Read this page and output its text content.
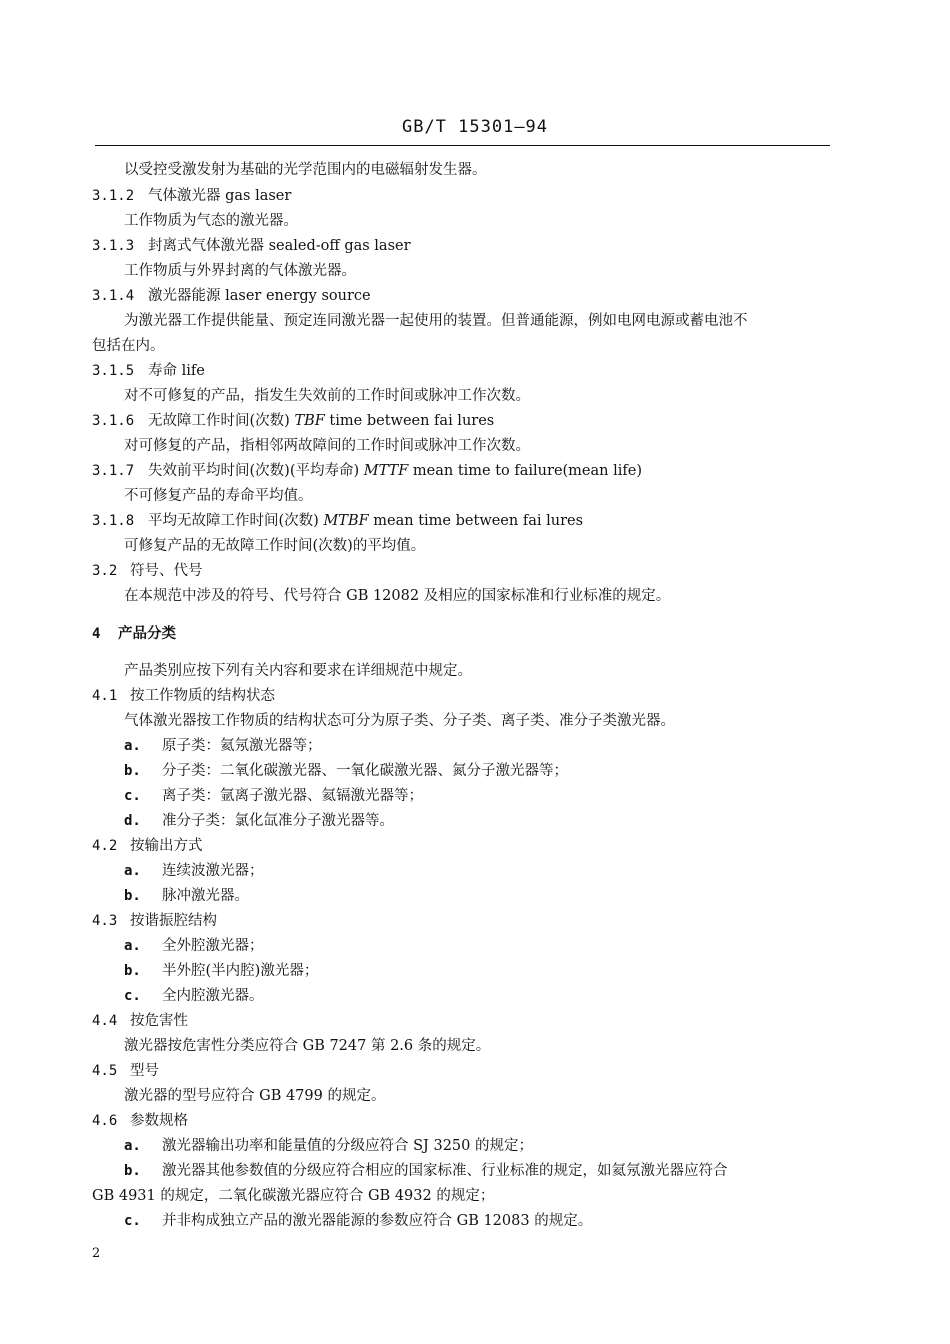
GB/T 15301—94
以受控受激发射为基础的光学范围内的电磁辐射发生器。
3.1.2 气体激光器 gas laser
工作物质为气态的激光器。
3.1.3 封离式气体激光器 sealed-off gas laser
工作物质与外界封离的气体激光器。
3.1.4 激光器能源 laser energy source
为激光器工作提供能量、预定连同激光器一起使用的装置。但普通能源，例如电网电源或蓄电池不
包括在内。
3.1.5 寿命 life
对不可修复的产品，指发生失效前的工作时间或脉冲工作次数。
3.1.6 无故障工作时间(次数) TBF time between fai lures
对可修复的产品，指相邻两故障间的工作时间或脉冲工作次数。
3.1.7 失效前平均时间(次数)(平均寿命) MTTF mean time to failure(mean life)
不可修复产品的寿命平均值。
3.1.8 平均无故障工作时间(次数) MTBF mean time between fai lures
可修复产品的无故障工作时间(次数)的平均值。
3.2 符号、代号
在本规范中涉及的符号、代号符合 GB 12082 及相应的国家标准和行业标准的规定。
4 产品分类
产品类别应按下列有关内容和要求在详细规范中规定。
4.1 按工作物质的结构状态
气体激光器按工作物质的结构状态可分为原子类、分子类、离子类、准分子类激光器。
a. 原子类：氦氖激光器等；
b. 分子类：二氧化碳激光器、一氧化碳激光器、氮分子激光器等；
c. 离子类：氩离子激光器、氦镉激光器等；
d. 准分子类：氯化氙准分子激光器等。
4.2 按输出方式
a. 连续波激光器；
b. 脉冲激光器。
4.3 按谐振腔结构
a. 全外腔激光器；
b. 半外腔(半内腔)激光器；
c. 全内腔激光器。
4.4 按危害性
激光器按危害性分类应符合 GB 7247 第 2.6 条的规定。
4.5 型号
激光器的型号应符合 GB 4799 的规定。
4.6 参数规格
a. 激光器输出功率和能量值的分级应符合 SJ 3250 的规定；
b. 激光器其他参数值的分级应符合相应的国家标准、行业标准的规定，如氦氖激光器应符合
GB 4931 的规定，二氧化碳激光器应符合 GB 4932 的规定；
c. 并非构成独立产品的激光器能源的参数应符合 GB 12083 的规定。
2
